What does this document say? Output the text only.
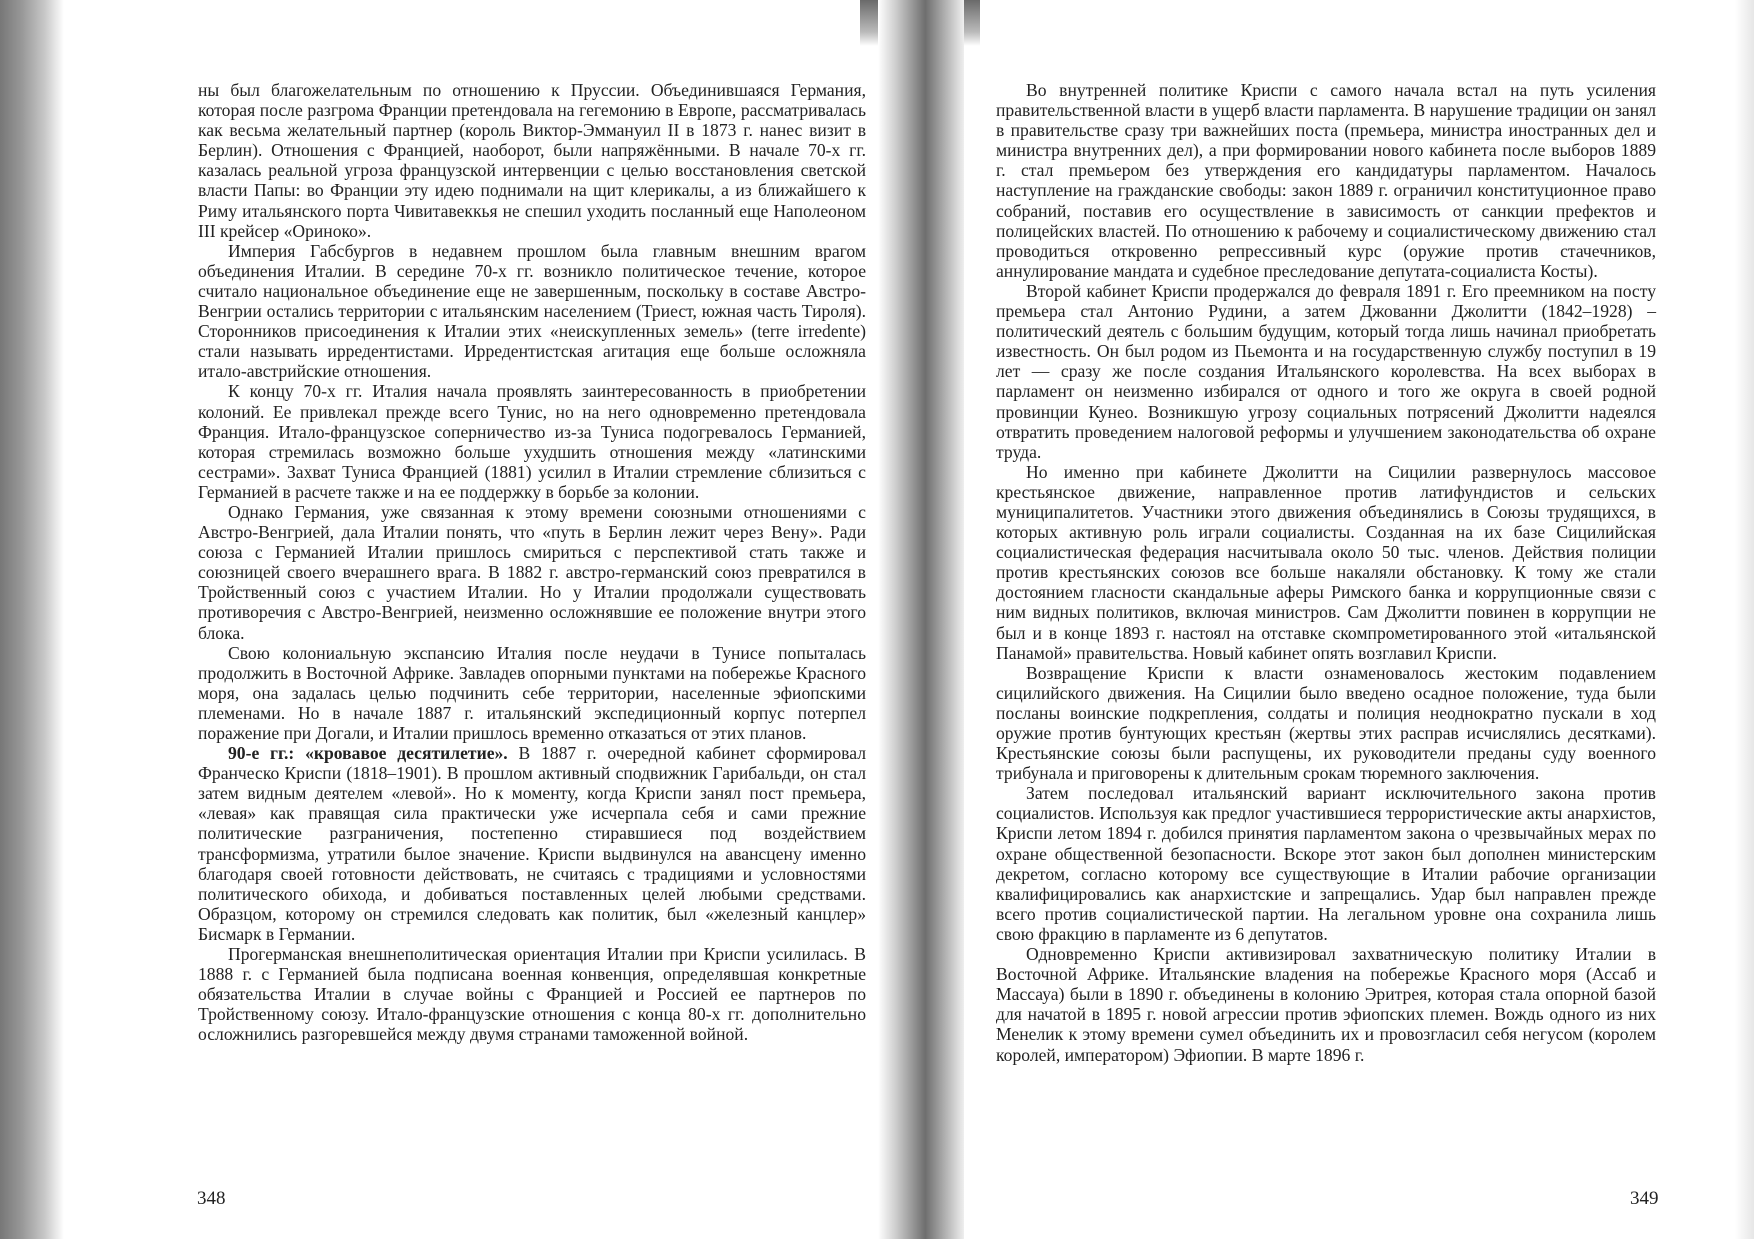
ны был благожелательным по отношению к Пруссии. Объединившаяся Германия, которая после разгрома Франции претендовала на гегемонию в Европе, рассматривалась как весьма желательный партнер (король Виктор-Эммануил II в 1873 г. нанес визит в Берлин). Отношения с Францией, наоборот, были напряжёнными. В начале 70-х гг. казалась реальной угроза французской интервенции с целью восстановления светской власти Папы: во Франции эту идею поднимали на щит клерикалы, а из ближайшего к Риму итальянского порта Чивитавеккья не спешил уходить посланный еще Наполеоном III крейсер «Ориноко».

Империя Габсбургов в недавнем прошлом была главным внешним врагом объединения Италии. В середине 70-х гг. возникло политическое течение, которое считало национальное объединение еще не завершенным, поскольку в составе Австро-Венгрии остались территории с итальянским населением (Триест, южная часть Тироля). Сторонников присоединения к Италии этих «неискупленных земель» (terre irredente) стали называть ирредентистами. Ирредентистская агитация еще больше осложняла итало-австрийские отношения.

К концу 70-х гг. Италия начала проявлять заинтересованность в приобретении колоний. Ее привлекал прежде всего Тунис, но на него одновременно претендовала Франция. Итало-французское соперничество из-за Туниса подогревалось Германией, которая стремилась возможно больше ухудшить отношения между «латинскими сестрами». Захват Туниса Францией (1881) усилил в Италии стремление сблизиться с Германией в расчете также и на ее поддержку в борьбе за колонии.

Однако Германия, уже связанная к этому времени союзными отношениями с Австро-Венгрией, дала Италии понять, что «путь в Берлин лежит через Вену». Ради союза с Германией Италии пришлось смириться с перспективой стать также и союзницей своего вчерашнего врага. В 1882 г. австро-германский союз превратился в Тройственный союз с участием Италии. Но у Италии продолжали существовать противоречия с Австро-Венгрией, неизменно осложнявшие ее положение внутри этого блока.

Свою колониальную экспансию Италия после неудачи в Тунисе попыталась продолжить в Восточной Африке. Завладев опорными пунктами на побережье Красного моря, она задалась целью подчинить себе территории, населенные эфиопскими племенами. Но в начале 1887 г. итальянский экспедиционный корпус потерпел поражение при Догали, и Италии пришлось временно отказаться от этих планов.

90-е гг.: «кровавое десятилетие». В 1887 г. очередной кабинет сформировал Франческо Криспи (1818–1901). В прошлом активный сподвижник Гарибальди, он стал затем видным деятелем «левой». Но к моменту, когда Криспи занял пост премьера, «левая» как правящая сила практически уже исчерпала себя и сами прежние политические разграничения, постепенно стиравшиеся под воздействием трансформизма, утратили былое значение. Криспи выдвинулся на авансцену именно благодаря своей готовности действовать, не считаясь с традициями и условностями политического обихода, и добиваться поставленных целей любыми средствами. Образцом, которому он стремился следовать как политик, был «железный канцлер» Бисмарк в Германии.

Прогерманская внешнеполитическая ориентация Италии при Криспи усилилась. В 1888 г. с Германией была подписана военная конвенция, определявшая конкретные обязательства Италии в случае войны с Францией и Россией ее партнеров по Тройственному союзу. Итало-французские отношения с конца 80-х гг. дополнительно осложнились разгоревшейся между двумя странами таможенной войной.

Во внутренней политике Криспи с самого начала встал на путь усиления правительственной власти в ущерб власти парламента. В нарушение традиции он занял в правительстве сразу три важнейших поста (премьера, министра иностранных дел и министра внутренних дел), а при формировании нового кабинета после выборов 1889 г. стал премьером без утверждения его кандидатуры парламентом. Началось наступление на гражданские свободы: закон 1889 г. ограничил конституционное право собраний, поставив его осуществление в зависимость от санкции префектов и полицейских властей. По отношению к рабочему и социалистическому движению стал проводиться откровенно репрессивный курс (оружие против стачечников, аннулирование мандата и судебное преследование депутата-социалиста Косты).

Второй кабинет Криспи продержался до февраля 1891 г. Его преемником на посту премьера стал Антонио Рудини, а затем Джованни Джолитти (1842–1928) – политический деятель с большим будущим, который тогда лишь начинал приобретать известность. Он был родом из Пьемонта и на государственную службу поступил в 19 лет — сразу же после создания Итальянского королевства. На всех выборах в парламент он неизменно избирался от одного и того же округа в своей родной провинции Кунео. Возникшую угрозу социальных потрясений Джолитти надеялся отвратить проведением налоговой реформы и улучшением законодательства об охране труда.

Но именно при кабинете Джолитти на Сицилии развернулось массовое крестьянское движение, направленное против латифундистов и сельских муниципалитетов. Участники этого движения объединялись в Союзы трудящихся, в которых активную роль играли социалисты. Созданная на их базе Сицилийская социалистическая федерация насчитывала около 50 тыс. членов. Действия полиции против крестьянских союзов все больше накаляли обстановку. К тому же стали достоянием гласности скандальные аферы Римского банка и коррупционные связи с ним видных политиков, включая министров. Сам Джолитти повинен в коррупции не был и в конце 1893 г. настоял на отставке скомпрометированного этой «итальянской Панамой» правительства. Новый кабинет опять возглавил Криспи.

Возвращение Криспи к власти ознаменовалось жестоким подавлением сицилийского движения. На Сицилии было введено осадное положение, туда были посланы воинские подкрепления, солдаты и полиция неоднократно пускали в ход оружие против бунтующих крестьян (жертвы этих расправ исчислялись десятками). Крестьянские союзы были распущены, их руководители преданы суду военного трибунала и приговорены к длительным срокам тюремного заключения.

Затем последовал итальянский вариант исключительного закона против социалистов. Используя как предлог участившиеся террористические акты анархистов, Криспи летом 1894 г. добился принятия парламентом закона о чрезвычайных мерах по охране общественной безопасности. Вскоре этот закон был дополнен министерским декретом, согласно которому все существующие в Италии рабочие организации квалифицировались как анархистские и запрещались. Удар был направлен прежде всего против социалистической партии. На легальном уровне она сохранила лишь свою фракцию в парламенте из 6 депутатов.

Одновременно Криспи активизировал захватническую политику Италии в Восточной Африке. Итальянские владения на побережье Красного моря (Ассаб и Массауа) были в 1890 г. объединены в колонию Эритрея, которая стала опорной базой для начатой в 1895 г. новой агрессии против эфиопских племен. Вождь одного из них Менелик к этому времени сумел объединить их и провозгласил себя негусом (королем королей, императором) Эфиопии. В марте 1896 г.

348	349
